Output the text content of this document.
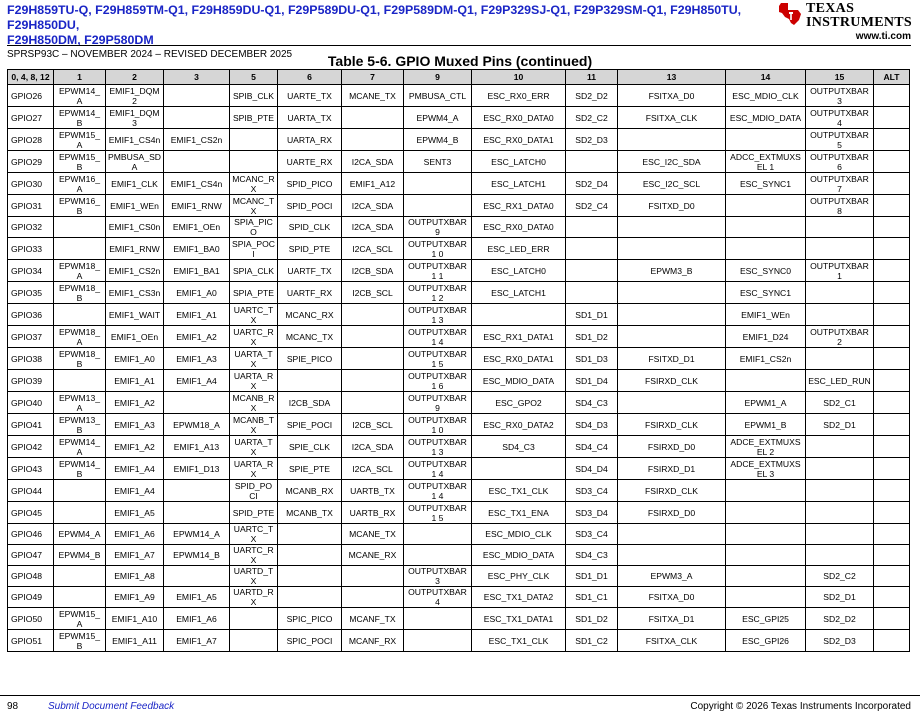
F29H859TU-Q, F29H859TM-Q1, F29H859DU-Q1, F29P589DU-Q1, F29P589DM-Q1, F29P329SJ-Q1, F29P329SM-Q1, F29H850TU, F29H850DU,
F29H850DM, F29P580DM
SPRSP93C – NOVEMBER 2024 – REVISED DECEMBER 2025
TEXAS
INSTRUMENTS
www.ti.com
Table 5-6. GPIO Muxed Pins (continued)
0, 4, 8, 12	1	2	3	5	6	7	9	10	11	13	14	15	ALT
GPIO26	EPWM14_ A	EMIF1_DQM2		SPIB_CLK	UARTE_TX	MCANE_TX	PMBUSA_CTL	ESC_RX0_ERR	SD2_D2	FSITXA_D0	ESC_MDIO_CLK	OUTPUTXBAR3	
GPIO27	EPWM14_ B	EMIF1_DQM3		SPIB_PTE	UARTA_TX		EPWM4_A	ESC_RX0_DATA0	SD2_C2	FSITXA_CLK	ESC_MDIO_DATA	OUTPUTXBAR4	
GPIO28	EPWM15_ A	EMIF1_CS4n	EMIF1_CS2n		UARTA_RX		EPWM4_B	ESC_RX0_DATA1	SD2_D3			OUTPUTXBAR5	
GPIO29	EPWM15_ B	PMBUSA_SDA			UARTE_RX	I2CA_SDA	SENT3	ESC_LATCH0		ESC_I2C_SDA	ADCC_EXTMUXSEL 1	OUTPUTXBAR6	
GPIO30	EPWM16_ A	EMIF1_CLK	EMIF1_CS4n	MCANC_RX	SPID_PICO	EMIF1_A12		ESC_LATCH1	SD2_D4	ESC_I2C_SCL	ESC_SYNC1	OUTPUTXBAR7	
GPIO31	EPWM16_ B	EMIF1_WEn	EMIF1_RNW	MCANC_TX	SPID_POCI	I2CA_SDA		ESC_RX1_DATA0	SD2_C4	FSITXD_D0		OUTPUTXBAR8	
GPIO32		EMIF1_CS0n	EMIF1_OEn	SPIA_PICO	SPID_CLK	I2CA_SDA	OUTPUTXBAR9	ESC_RX0_DATA0					
GPIO33		EMIF1_RNW	EMIF1_BA0	SPIA_POCI	SPID_PTE	I2CA_SCL	OUTPUTXBAR1 0	ESC_LED_ERR					
GPIO34	EPWM18_ A	EMIF1_CS2n	EMIF1_BA1	SPIA_CLK	UARTF_TX	I2CB_SDA	OUTPUTXBAR1 1	ESC_LATCH0		EPWM3_B	ESC_SYNC0	OUTPUTXBAR1	
GPIO35	EPWM18_ B	EMIF1_CS3n	EMIF1_A0	SPIA_PTE	UARTF_RX	I2CB_SCL	OUTPUTXBAR1 2	ESC_LATCH1			ESC_SYNC1		
GPIO36		EMIF1_WAIT	EMIF1_A1	UARTC_TX	MCANC_RX		OUTPUTXBAR1 3		SD1_D1		EMIF1_WEn		
GPIO37	EPWM18_ A	EMIF1_OEn	EMIF1_A2	UARTC_RX	MCANC_TX		OUTPUTXBAR1 4	ESC_RX1_DATA1	SD1_D2		EMIF1_D24	OUTPUTXBAR2	
GPIO38	EPWM18_ B	EMIF1_A0	EMIF1_A3	UARTA_TX	SPIE_PICO		OUTPUTXBAR1 5	ESC_RX0_DATA1	SD1_D3	FSITXD_D1	EMIF1_CS2n		
GPIO39		EMIF1_A1	EMIF1_A4	UARTA_RX			OUTPUTXBAR1 6	ESC_MDIO_DATA	SD1_D4	FSIRXD_CLK		ESC_LED_RUN	
GPIO40	EPWM13_ A	EMIF1_A2		MCANB_RX	I2CB_SDA		OUTPUTXBAR9	ESC_GPO2	SD4_C3		EPWM1_A	SD2_C1	
GPIO41	EPWM13_ B	EMIF1_A3	EPWM18_A	MCANB_TX	SPIE_POCI	I2CB_SCL	OUTPUTXBAR1 0	ESC_RX0_DATA2	SD4_D3	FSIRXD_CLK	EPWM1_B	SD2_D1	
GPIO42	EPWM14_ A	EMIF1_A2	EMIF1_A13	UARTA_TX	SPIE_CLK	I2CA_SDA	OUTPUTXBAR1 3	SD4_C3	SD4_C4	FSIRXD_D0	ADCE_EXTMUXSEL 2		
GPIO43	EPWM14_ B	EMIF1_A4	EMIF1_D13	UARTA_RX	SPIE_PTE	I2CA_SCL	OUTPUTXBAR1 4		SD4_D4	FSIRXD_D1	ADCE_EXTMUXSEL 3		
GPIO44		EMIF1_A4		SPID_POCI	MCANB_RX	UARTB_TX	OUTPUTXBAR1 4	ESC_TX1_CLK	SD3_C4	FSIRXD_CLK			
GPIO45		EMIF1_A5		SPID_PTE	MCANB_TX	UARTB_RX	OUTPUTXBAR1 5	ESC_TX1_ENA	SD3_D4	FSIRXD_D0			
GPIO46	EPWM4_A	EMIF1_A6	EPWM14_A	UARTC_TX		MCANE_TX		ESC_MDIO_CLK	SD3_C4				
GPIO47	EPWM4_B	EMIF1_A7	EPWM14_B	UARTC_RX		MCANE_RX		ESC_MDIO_DATA	SD4_C3				
GPIO48		EMIF1_A8		UARTD_TX			OUTPUTXBAR3	ESC_PHY_CLK	SD1_D1	EPWM3_A		SD2_C2	
GPIO49		EMIF1_A9	EMIF1_A5	UARTD_RX			OUTPUTXBAR4	ESC_TX1_DATA2	SD1_C1	FSITXA_D0		SD2_D1	
GPIO50	EPWM15_ A	EMIF1_A10	EMIF1_A6		SPIC_PICO	MCANF_TX		ESC_TX1_DATA1	SD1_D2	FSITXA_D1	ESC_GPI25	SD2_D2	
GPIO51	EPWM15_ B	EMIF1_A11	EMIF1_A7		SPIC_POCI	MCANF_RX		ESC_TX1_CLK	SD1_C2	FSITXA_CLK	ESC_GPI26	SD2_D3	
98	Submit Document Feedback	Copyright © 2026 Texas Instruments Incorporated
